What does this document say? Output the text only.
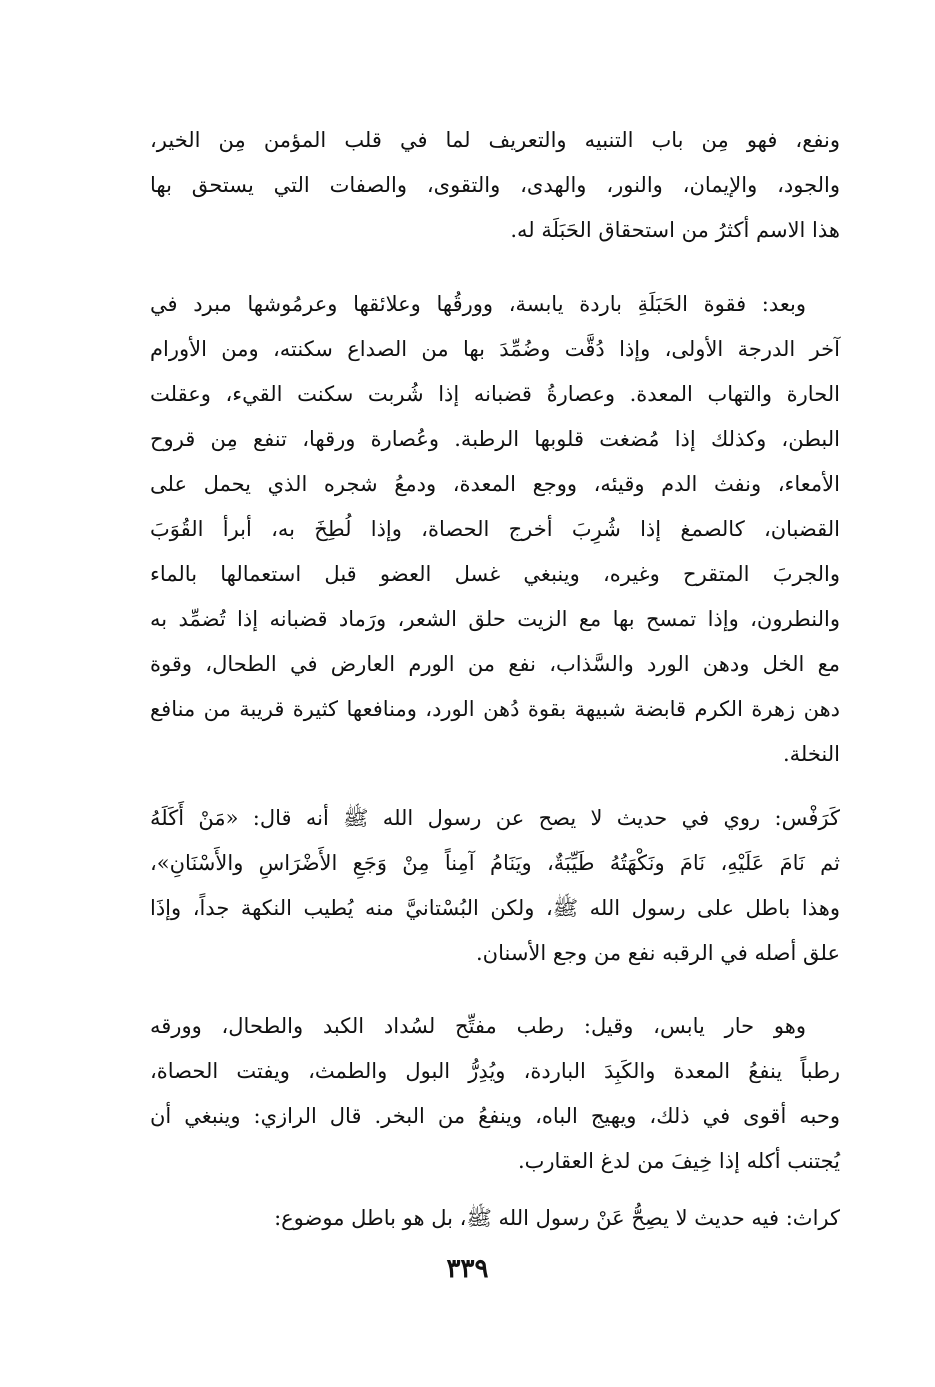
ونفع، فهو مِن باب التنبيه والتعريف لما في قلب المؤمن مِن الخير،
والجود، والإيمان، والنور، والهدى، والتقوى، والصفات التي يستحق بها
هذا الاسم أكثرُ من استحقاق الحَبَلَة له.
وبعد: فقوة الحَبَلَةِ باردة يابسة، وورقُها وعلائقها وعرمُوشها مبرد في
آخر الدرجة الأولى، وإذا دُقَّت وضُمِّدَ بها من الصداع سكنته، ومن الأورام
الحارة والتهاب المعدة. وعصارةُ قضبانه إذا شُربت سكنت القيء، وعقلت
البطن، وكذلك إذا مُضغت قلوبها الرطبة. وعُصارة ورقها، تنفع مِن قروح
الأمعاء، ونفث الدم وقيئه، ووجع المعدة، ودمعُ شجره الذي يحمل على
القضبان، كالصمغ إذا شُرِبَ أخرج الحصاة، وإذا لُطِخَ به، أبرأ القُوَبَ
والجربَ المتقرح وغيره، وينبغي غسل العضو قبل استعمالها بالماء
والنطرون، وإذا تمسح بها مع الزيت حلق الشعر، ورَماد قضبانه إذا تُضمِّد به
مع الخل ودهن الورد والسَّذاب، نفع من الورم العارض في الطحال، وقوة
دهن زهرة الكرم قابضة شبيهة بقوة دُهن الورد، ومنافعها كثيرة قريبة من منافع
النخلة.
كَرَفْس: روي في حديث لا يصح عن رسول الله ﷺ أنه قال: «مَنْ أَكَلَهُ
ثم نَامَ عَلَيْهِ، نَامَ ونَكْهَتُهُ طَيِّبَةٌ، ويَنَامُ آمِناً مِنْ وَجَعِ الأَضْرَاسِ والأَسْنَانِ»،
وهذا باطل على رسول الله ﷺ، ولكن البُسْتانيَّ منه يُطيب النكهة جداً، وإذَا
علق أصله في الرقبه نفع من وجع الأسنان.
وهو حار يابس، وقيل: رطب مفتِّح لسُداد الكبد والطحال، وورقه
رطباً ينفعُ المعدة والكَبِدَ الباردة، ويُدِرُّ البول والطمث، ويفتت الحصاة،
وحبه أقوى في ذلك، ويهيج الباه، وينفعُ من البخر. قال الرازي: وينبغي أن
يُجتنب أكله إذا خِيفَ من لدغ العقارب.
كراث: فيه حديث لا يصِحُّ عَنْ رسول الله ﷺ، بل هو باطل موضوع:
٣٣٩
